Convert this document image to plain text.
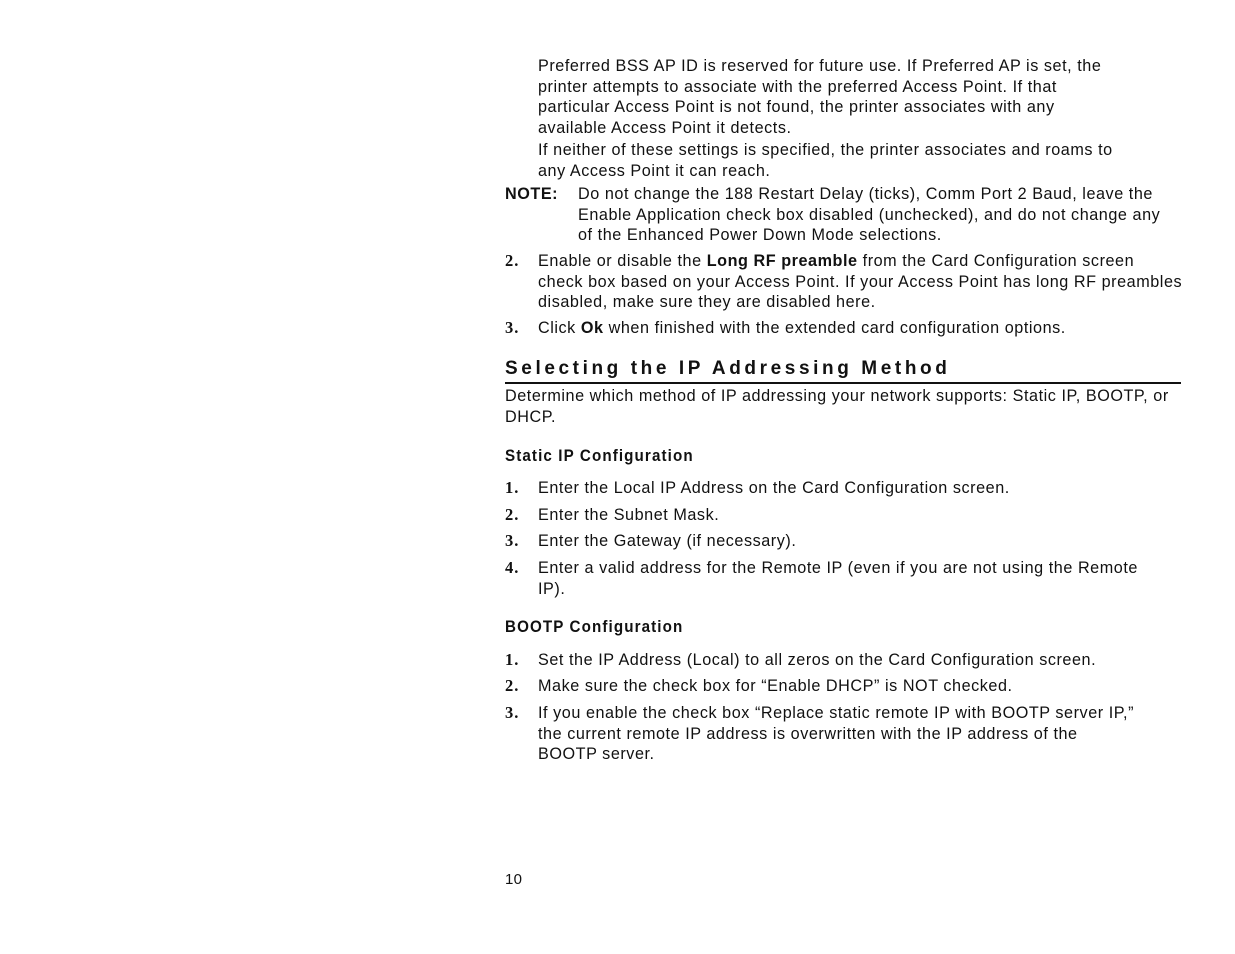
Preferred BSS AP ID is reserved for future use. If Preferred AP is set, the printer attempts to associate with the preferred Access Point. If that particular Access Point is not found, the printer associates with any available Access Point it detects.

If neither of these settings is specified, the printer associates and roams to any Access Point it can reach.

NOTE: Do not change the 188 Restart Delay (ticks), Comm Port 2 Baud, leave the Enable Application check box disabled (unchecked), and do not change any of the Enhanced Power Down Mode selections.

2. Enable or disable the Long RF preamble from the Card Configuration screen check box based on your Access Point. If your Access Point has long RF preambles disabled, make sure they are disabled here.

3. Click Ok when finished with the extended card configuration options.

Selecting the IP Addressing Method

Determine which method of IP addressing your network supports: Static IP, BOOTP, or DHCP.

Static IP Configuration
1. Enter the Local IP Address on the Card Configuration screen.

2. Enter the Subnet Mask.

3. Enter the Gateway (if necessary).

4. Enter a valid address for the Remote IP (even if you are not using the Remote IP).

BOOTP Configuration
1. Set the IP Address (Local) to all zeros on the Card Configuration screen.

2. Make sure the check box for “Enable DHCP” is NOT checked.

3. If you enable the check box “Replace static remote IP with BOOTP server IP,” the current remote IP address is overwritten with the IP address of the BOOTP server.

10
